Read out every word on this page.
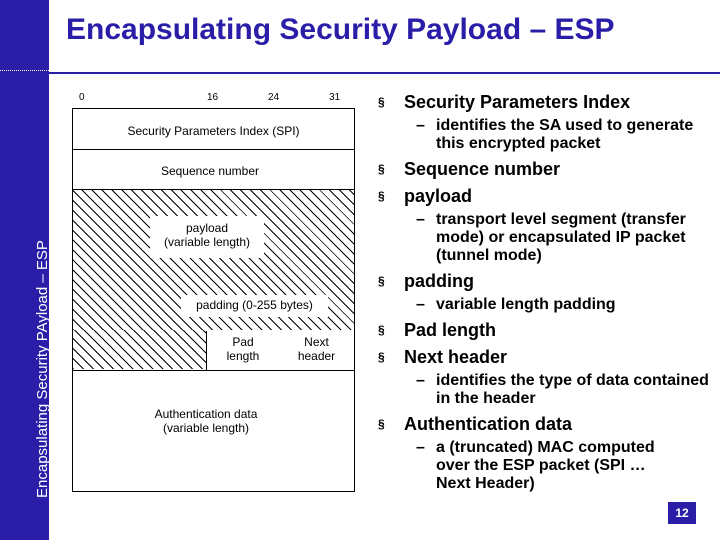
Encapsulating Security PAyload – ESP
Encapsulating Security Payload – ESP
0	16	24	31
Security Parameters Index (SPI)
Sequence number
payload
(variable length)
padding (0-255 bytes)
Pad
length
Next
header
Authentication data
(variable length)
§ Security Parameters Index
– identifies the SA used to generate this encrypted packet
§ Sequence number
§ payload
– transport level segment (transfer mode) or encapsulated IP packet (tunnel mode)
§ padding
– variable length padding
§ Pad length
§ Next header
– identifies the type of data contained in the header
§ Authentication data
– a (truncated) MAC computed over the ESP packet (SPI … Next Header)
12
